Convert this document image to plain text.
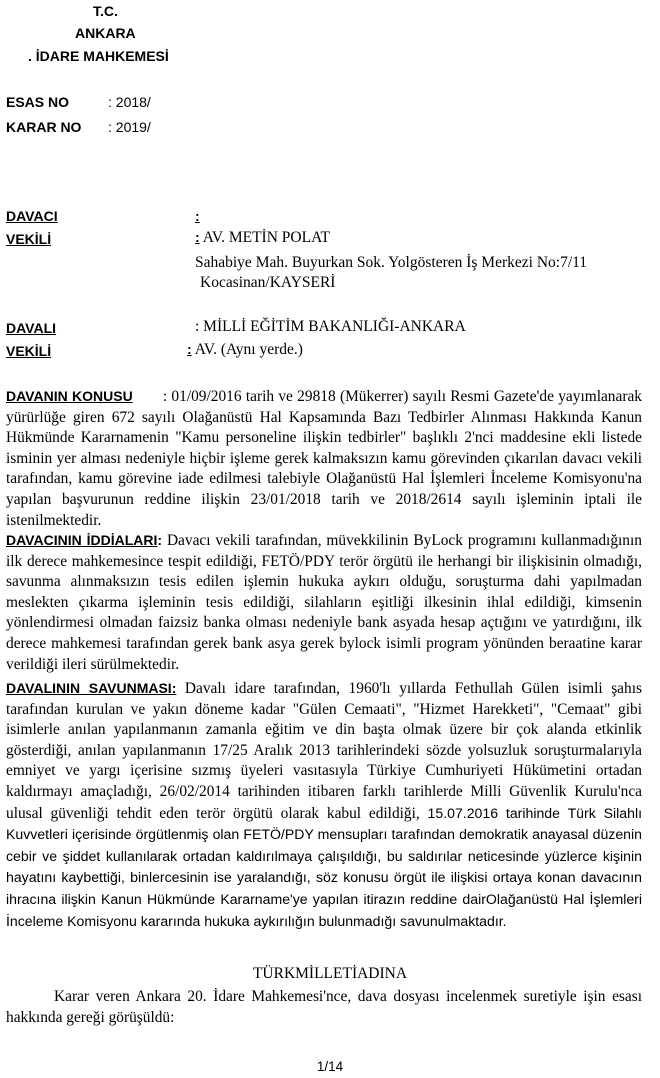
T.C.
ANKARA
. İDARE MAHKEMESİ
ESAS NO	: 2018/
KARAR NO : 2019/
DAVACI	:
VEKİLİ	: AV. METİN POLAT
Sahabiye Mah. Buyurkan Sok. Yolgösteren İş Merkezi No:7/11
Kocasinan/KAYSERİ
DAVALI	: MİLLİ EĞİTİM BAKANLIĞI-ANKARA
VEKİLİ	: AV. (Aynı yerde.)

DAVANIN KONUSU       : 01/09/2016 tarih ve 29818 (Mükerrer) sayılı Resmi Gazete'de yayımlanarak yürürlüğe giren 672 sayılı Olağanüstü Hal Kapsamında Bazı Tedbirler Alınması Hakkında Kanun Hükmünde Kararnamenin "Kamu personeline ilişkin tedbirler" başlıklı 2'nci maddesine ekli listede isminin yer alması nedeniyle hiçbir işleme gerek kalmaksızın kamu görevinden çıkarılan davacı vekili tarafından, kamu görevine iade edilmesi talebiyle Olağanüstü Hal İşlemleri İnceleme Komisyonu'na yapılan başvurunun reddine ilişkin 23/01/2018 tarih ve 2018/2614 sayılı işleminin iptali ile istenilmektedir.

DAVACININ İDDİALARI: Davacı vekili tarafından, müvekkilinin ByLock programını kullanmadığının ilk derece mahkemesince tespit edildiği, FETÖ/PDY terör örgütü ile herhangi bir ilişkisinin olmadığı, savunma alınmaksızın tesis edilen işlemin hukuka aykırı olduğu, soruşturma dahi yapılmadan meslekten çıkarma işleminin tesis edildiği, silahların eşitliği ilkesinin ihlal edildiği, kimsenin yönlendirmesi olmadan faizsiz banka olması nedeniyle bank asyada hesap açtığını ve yatırdığını, ilk derece mahkemesi tarafından gerek bank asya gerek bylock isimli program yönünden beraatine karar verildiği ileri sürülmektedir.

DAVALININ SAVUNMASI: Davalı idare tarafından, 1960'lı yıllarda Fethullah Gülen isimli şahıs tarafından kurulan ve yakın döneme kadar "Gülen Cemaati", "Hizmet Harekketi", "Cemaat" gibi isimlerle anılan yapılanmanın zamanla eğitim ve din başta olmak üzere bir çok alanda etkinlik gösterdiği, anılan yapılanmanın 17/25 Aralık 2013 tarihlerindeki sözde yolsuzluk soruşturmalarıyla emniyet ve yargı içerisine sızmış üyeleri vasıtasıyla Türkiye Cumhuriyeti Hükümetini ortadan kaldırmayı amaçladığı, 26/02/2014 tarihinden itibaren farklı tarihlerde Milli Güvenlik Kurulu'nca ulusal güvenliği tehdit eden terör örgütü olarak kabul edildiği, 15.07.2016 tarihinde Türk Silahlı Kuvvetleri içerisinde örgütlenmiş olan FETÖ/PDY mensupları tarafından demokratik anayasal düzenin cebir ve şiddet kullanılarak ortadan kaldırılmaya çalışıldığı, bu saldırılar neticesinde yüzlerce kişinin hayatını kaybettiği, binlercesinin ise yaralandığı, söz konusu örgüt ile ilişkisi ortaya konan davacının ihracına ilişkin Kanun Hükmünde Kararname'ye yapılan itirazın reddine dairOlağanüstü Hal İşlemleri İnceleme Komisyonu kararında hukuka aykırılığın bulunmadığı savunulmaktadır.

TÜRKMİLLETİADINA

Karar veren Ankara 20. İdare Mahkemesi'nce, dava dosyası incelenmek suretiyle işin esası hakkında gereği görüşüldü:

1/14
